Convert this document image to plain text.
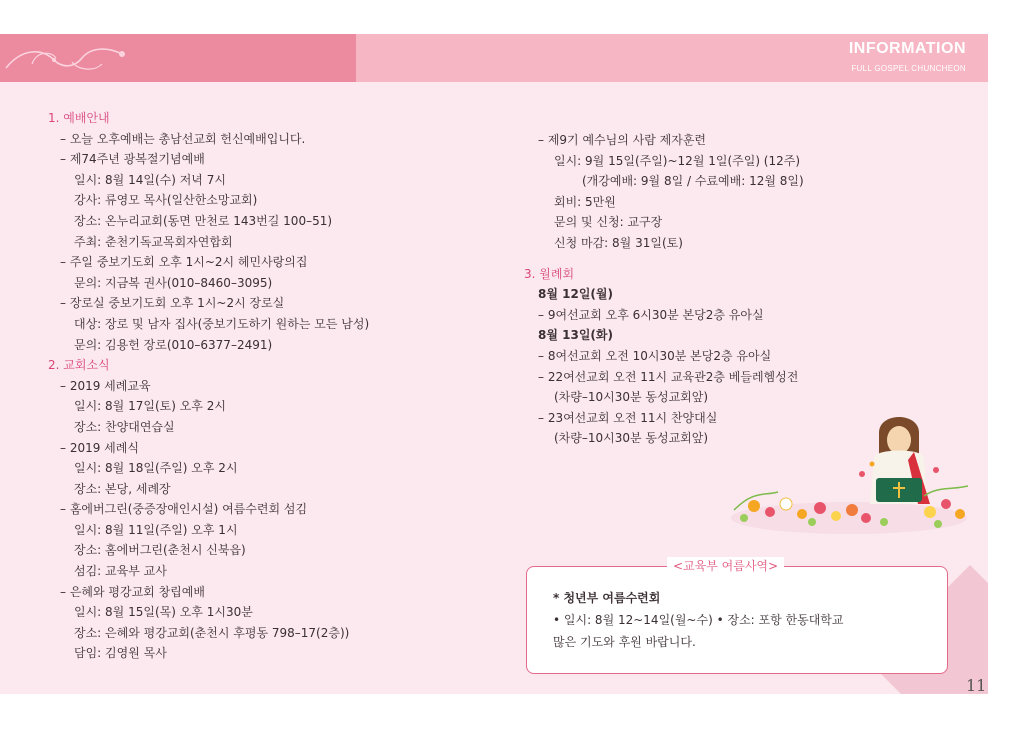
INFORMATION
FULL GOSPEL CHUNCHEON
1. 예배안내
– 오늘 오후예배는 총남선교회 헌신예배입니다.
– 제74주년 광복절기념예배
일시: 8월 14일(수) 저녁 7시
강사: 류영모 목사(일산한소망교회)
장소: 온누리교회(동면 만천로 143번길 100–51)
주최: 춘천기독교목회자연합회
– 주일 중보기도회 오후 1시~2시 헤민사랑의집
문의: 지금복 권사(010–8460–3095)
– 장로실 중보기도회 오후 1시~2시 장로실
대상: 장로 및 남자 집사(중보기도하기 원하는 모든 남성)
문의: 김용헌 장로(010–6377–2491)
2. 교회소식
– 2019 세례교육
일시: 8월 17일(토) 오후 2시
장소: 찬양대연습실
– 2019 세례식
일시: 8월 18일(주일) 오후 2시
장소: 본당, 세례장
– 홈에버그린(중증장애인시설) 여름수련회 섬김
일시: 8월 11일(주일) 오후 1시
장소: 홈에버그린(춘천시 신북읍)
섬김: 교육부 교사
– 은혜와 평강교회 창립예배
일시: 8월 15일(목) 오후 1시30분
장소: 은혜와 평강교회(춘천시 후평동 798–17(2층))
담임: 김영원 목사
– 제9기 예수님의 사람 제자훈련
일시: 9월 15일(주일)~12월 1일(주일) (12주)
(개강예배: 9월 8일 / 수료예배: 12월 8일)
회비: 5만원
문의 및 신청: 교구장
신청 마감: 8월 31일(토)
3. 월례회
8월 12일(월)
– 9여선교회 오후 6시30분 본당2층 유아실
8월 13일(화)
– 8여선교회 오전 10시30분 본당2층 유아실
– 22여선교회 오전 11시 교육관2층 베들레헴성전
(차량–10시30분 동성교회앞)
– 23여선교회 오전 11시 찬양대실
(차량–10시30분 동성교회앞)
<교육부 여름사역>
* 청년부 여름수련회
• 일시: 8월 12~14일(월~수) • 장소: 포항 한동대학교
많은 기도와 후원 바랍니다.
11
